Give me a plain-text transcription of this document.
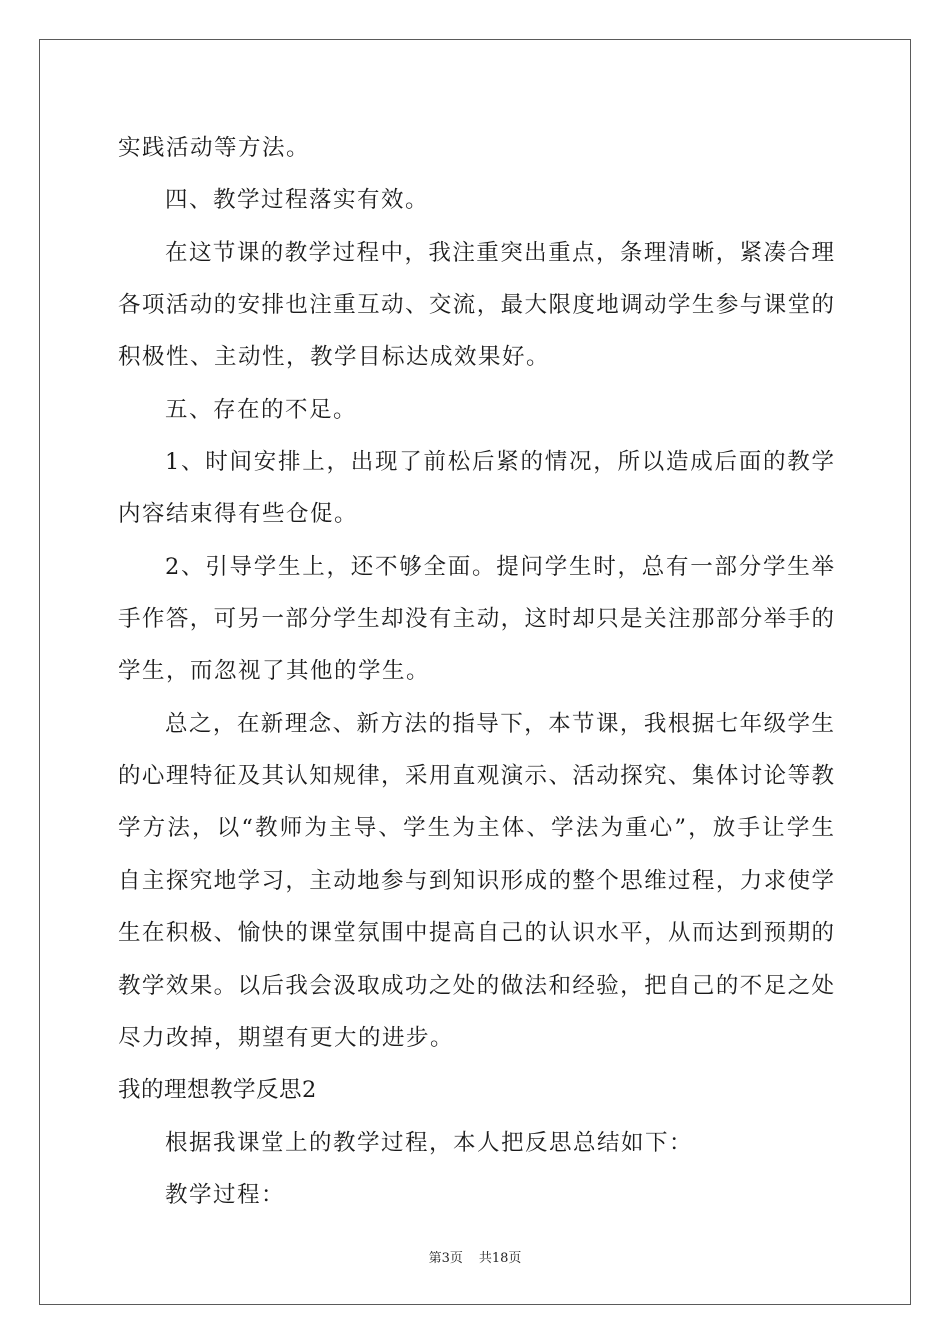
实践活动等方法。
四、教学过程落实有效。
在这节课的教学过程中，我注重突出重点，条理清晰，紧凑合理
各项活动的安排也注重互动、交流，最大限度地调动学生参与课堂的
积极性、主动性，教学目标达成效果好。
五、存在的不足。
1、时间安排上，出现了前松后紧的情况，所以造成后面的教学
内容结束得有些仓促。
2、引导学生上，还不够全面。提问学生时，总有一部分学生举
手作答，可另一部分学生却没有主动，这时却只是关注那部分举手的
学生，而忽视了其他的学生。
总之，在新理念、新方法的指导下，本节课，我根据七年级学生
的心理特征及其认知规律，采用直观演示、活动探究、集体讨论等教
学方法，以“教师为主导、学生为主体、学法为重心”，放手让学生
自主探究地学习，主动地参与到知识形成的整个思维过程，力求使学
生在积极、愉快的课堂氛围中提高自己的认识水平，从而达到预期的
教学效果。以后我会汲取成功之处的做法和经验，把自己的不足之处
尽力改掉，期望有更大的进步。
我的理想教学反思2
根据我课堂上的教学过程，本人把反思总结如下：
教学过程：
第3页 共18页
